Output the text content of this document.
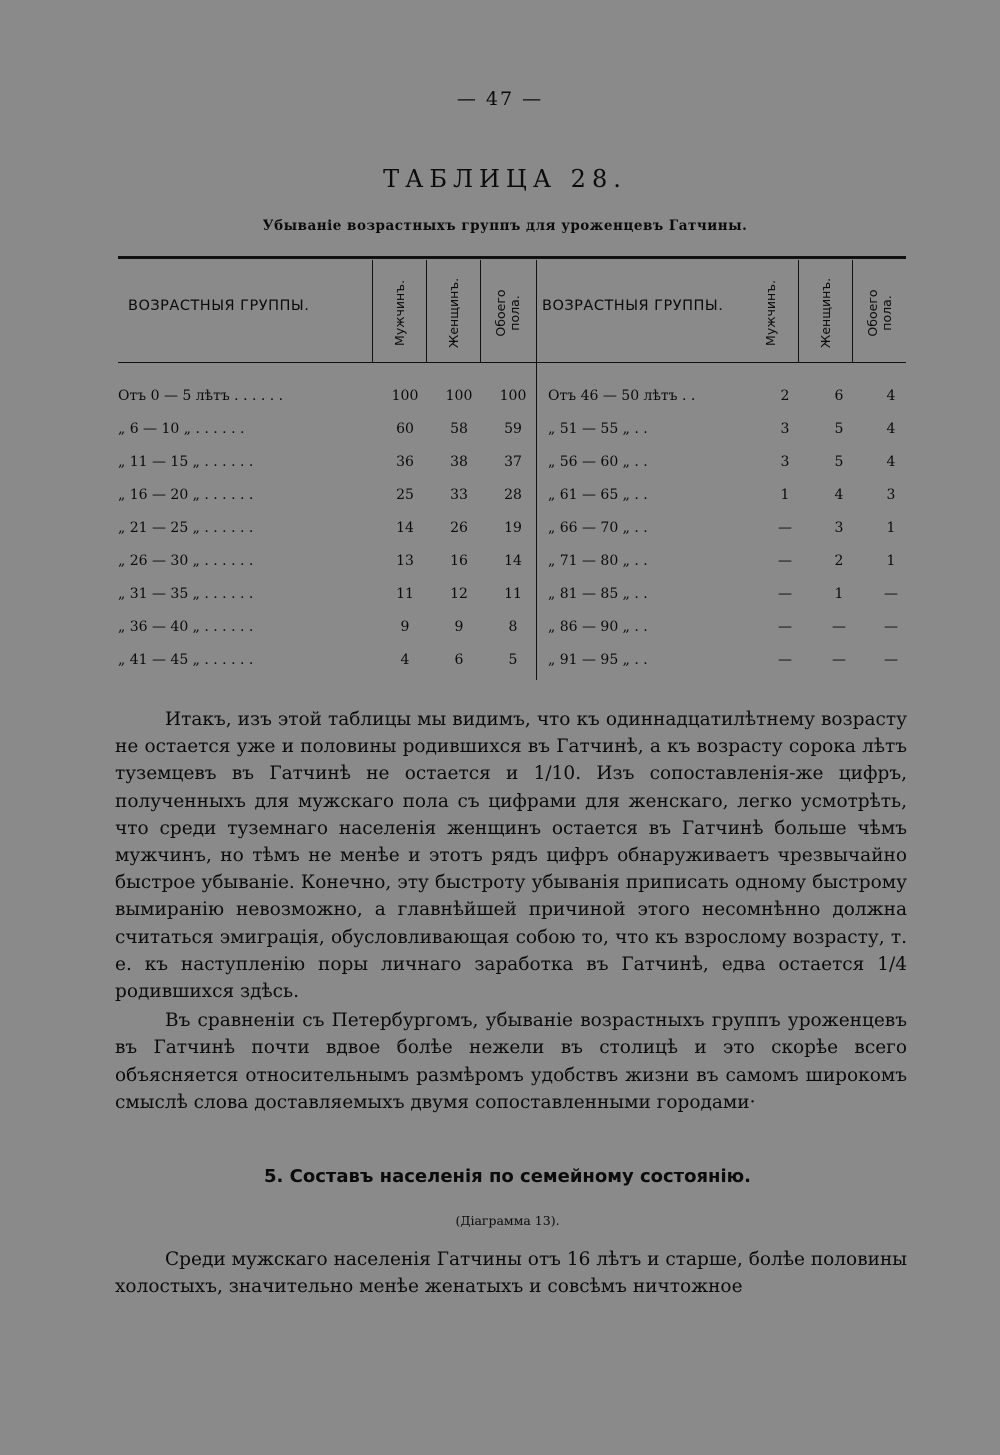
— 47 —
ТАБЛИЦА 28.
Убываніе возрастныхъ группъ для уроженцевъ Гатчины.
ВОЗРАСТНЫЯ ГРУППЫ.	Мужчинъ.	Женщинъ.	Обоего пола. ВОЗРАСТНЫЯ ГРУППЫ.	Мужчинъ.	Женщинъ.	Обоего пола.
Отъ 0 — 5 лѣтъ . . . . . .	100	100	100	Отъ 46 — 50 лѣтъ . .	2	6	4
„ 6 — 10 „ . . . . . .	60	58	59	„ 51 — 55 „ . .	3	5	4
„ 11 — 15 „ . . . . . .	36	38	37	„ 56 — 60 „ . .	3	5	4
„ 16 — 20 „ . . . . . .	25	33	28	„ 61 — 65 „ . .	1	4	3
„ 21 — 25 „ . . . . . .	14	26	19	„ 66 — 70 „ . .	—	3	1
„ 26 — 30 „ . . . . . .	13	16	14	„ 71 — 80 „ . .	—	2	1
„ 31 — 35 „ . . . . . .	11	12	11	„ 81 — 85 „ . .	—	1	—
„ 36 — 40 „ . . . . . .	9	9	8	„ 86 — 90 „ . .	—	—	—
„ 41 — 45 „ . . . . . .	4	6	5	„ 91 — 95 „ . .	—	—	—

Итакъ, изъ этой таблицы мы видимъ, что къ одиннадцатилѣтнему возрасту не остается уже и половины родившихся въ Гатчинѣ, а къ возрасту сорока лѣтъ туземцевъ въ Гатчинѣ не остается и 1/10. Изъ сопоставленія-же цифръ, полученныхъ для мужскаго пола съ цифрами для женскаго, легко усмотрѣть, что среди туземнаго населенія женщинъ остается въ Гатчинѣ больше чѣмъ мужчинъ, но тѣмъ не менѣе и этотъ рядъ цифръ обнаруживаетъ чрезвычайно быстрое убываніе. Конечно, эту быстроту убыванія приписать одному быстрому вымиранію невозможно, а главнѣйшей причиной этого несомнѣнно должна считаться эмиграція, обусловливающая собою то, что къ взрослому возрасту, т. е. къ наступленію поры личнаго заработка въ Гатчинѣ, едва остается 1/4 родившихся здѣсь.

Въ сравненіи съ Петербургомъ, убываніе возрастныхъ группъ уроженцевъ въ Гатчинѣ почти вдвое болѣе нежели въ столицѣ и это скорѣе всего объясняется относительнымъ размѣромъ удобствъ жизни въ самомъ широкомъ смыслѣ слова доставляемыхъ двумя сопоставленными городами·

5. Составъ населенія по семейному состоянію.
(Діаграмма 13).

Среди мужскаго населенія Гатчины отъ 16 лѣтъ и старше, болѣе половины холостыхъ, значительно менѣе женатыхъ и совсѣмъ ничтожное
